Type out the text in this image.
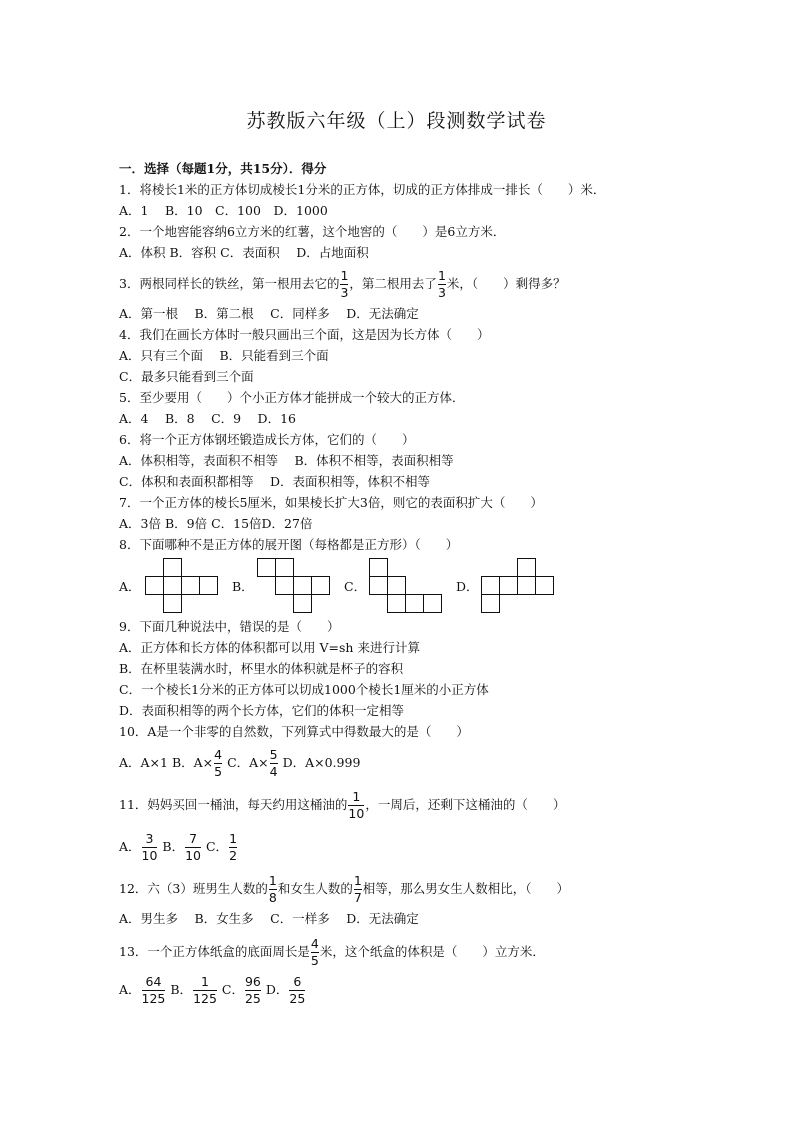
苏教版六年级（上）段测数学试卷
一．选择（每题1分，共15分）．得分
1．将棱长1米的正方体切成棱长1分米的正方体，切成的正方体排成一排长（　　）米．
A．1　 B．10　C．100　D．1000
2．一个地窖能容纳6立方米的红薯，这个地窖的（　　）是6立方米．
A．体积 B．容积 C．表面积　 D．占地面积
3．两根同样长的铁丝，第一根用去它的 $\frac{1}{3}$ ，第二根用去了 $\frac{1}{3}$ 米，（　　）剩得多？
A．第一根　 B．第二根　 C．同样多　 D．无法确定
4．我们在画长方体时一般只画出三个面，这是因为长方体（　　）
A．只有三个面　 B．只能看到三个面
C．最多只能看到三个面
5．至少要用（　　）个小正方体才能拼成一个较大的正方体．
A．4　 B．8　 C．9　 D．16
6．将一个正方体钢坯锻造成长方体，它们的（　　）
A．体积相等，表面积不相等　 B．体积不相等，表面积相等
C．体积和表面积都相等　 D．表面积相等，体积不相等
7．一个正方体的棱长5厘米，如果棱长扩大3倍，则它的表面积扩大（　　）
A．3倍 B．9倍 C．15倍D．27倍
8．下面哪种不是正方体的展开图（每格都是正方形）（　　）
A．	B．	C．	D．
9．下面几种说法中，错误的是（　　）
A．正方体和长方体的体积都可以用 V=sh 来进行计算
B．在杯里装满水时，杯里水的体积就是杯子的容积
C．一个棱长1分米的正方体可以切成1000个棱长1厘米的小正方体
D．表面积相等的两个长方体，它们的体积一定相等
10．A是一个非零的自然数，下列算式中得数最大的是（　　）
A．A×1 B．$A\times \frac{4}{5}$ C．$A\times \frac{5}{4}$ D．A×0.999
11．妈妈买回一桶油，每天约用这桶油的 $\frac{1}{10}$ ，一周后，还剩下这桶油的（　　）
A． $\frac{3}{10}$ B． $\frac{7}{10}$ C． $\frac{1}{2}$
12．六（3）班男生人数的 $\frac{1}{8}$ 和女生人数的 $\frac{1}{7}$ 相等，那么男女生人数相比，（　　）
A．男生多　 B．女生多　 C．一样多　 D．无法确定
13．一个正方体纸盒的底面周长是 $\frac{4}{5}$ 米，这个纸盒的体积是（　　）立方米．
A． $\frac{64}{125}$ B． $\frac{1}{125}$ C． $\frac{96}{25}$ D． $\frac{6}{25}$
